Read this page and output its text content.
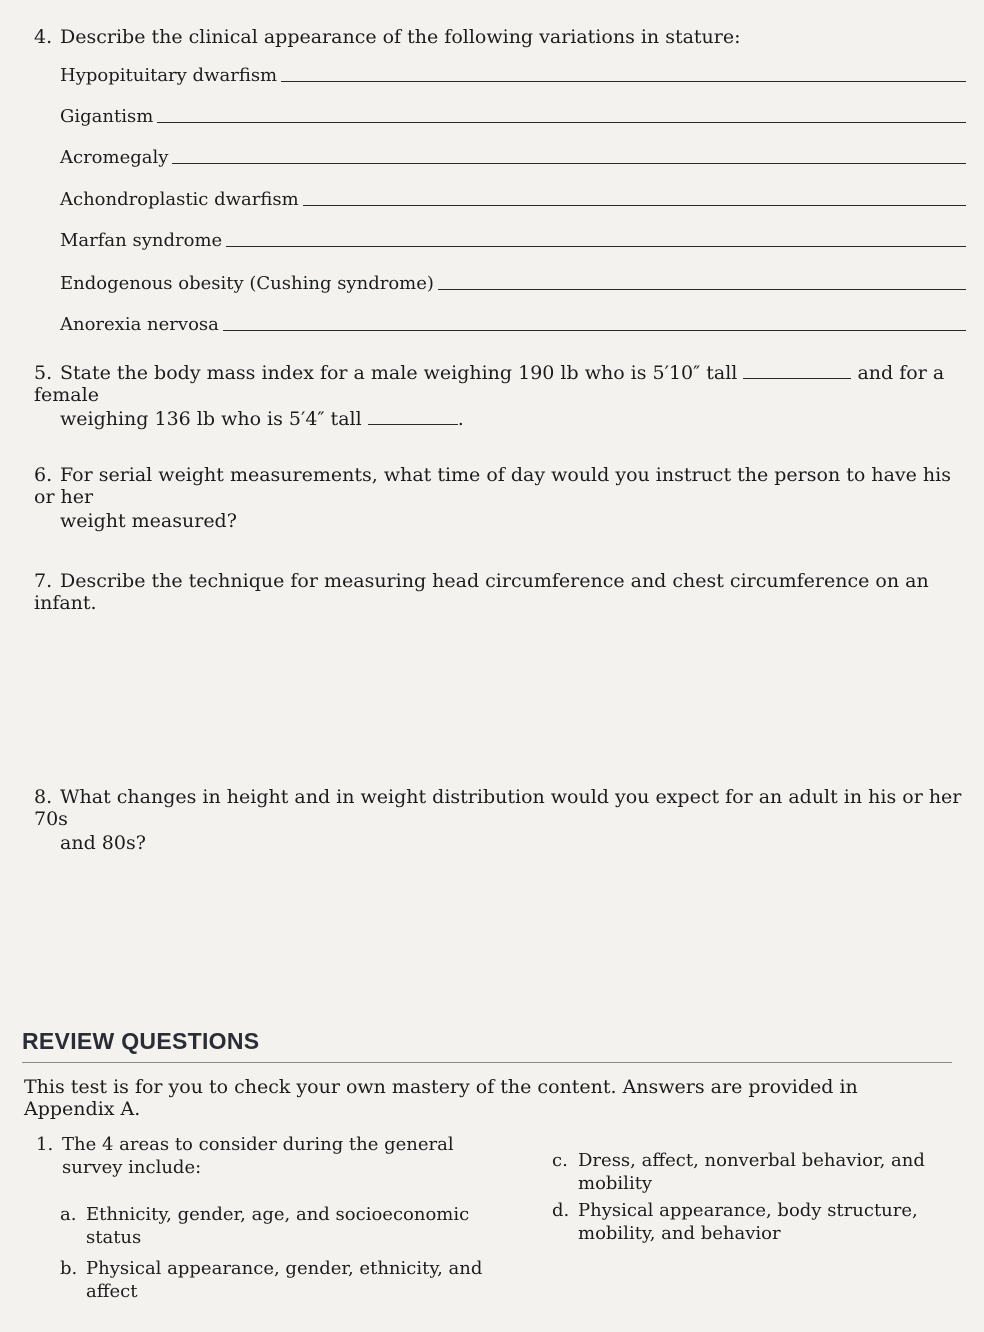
4. Describe the clinical appearance of the following variations in stature:
Hypopituitary dwarfism
Gigantism
Acromegaly
Achondroplastic dwarfism
Marfan syndrome
Endogenous obesity (Cushing syndrome)
Anorexia nervosa
5. State the body mass index for a male weighing 190 lb who is 5′10″ tall	and for a female
weighing 136 lb who is 5′4″ tall	.
6. For serial weight measurements, what time of day would you instruct the person to have his or her
weight measured?
7. Describe the technique for measuring head circumference and chest circumference on an infant.
8. What changes in height and in weight distribution would you expect for an adult in his or her 70s
and 80s?
REVIEW QUESTIONS
This test is for you to check your own mastery of the content. Answers are provided in Appendix A.
1. The 4 areas to consider during the general
survey include:
a. Ethnicity, gender, age, and socioeconomic
status
b. Physical appearance, gender, ethnicity, and
affect
c. Dress, affect, nonverbal behavior, and
mobility
d. Physical appearance, body structure,
mobility, and behavior
